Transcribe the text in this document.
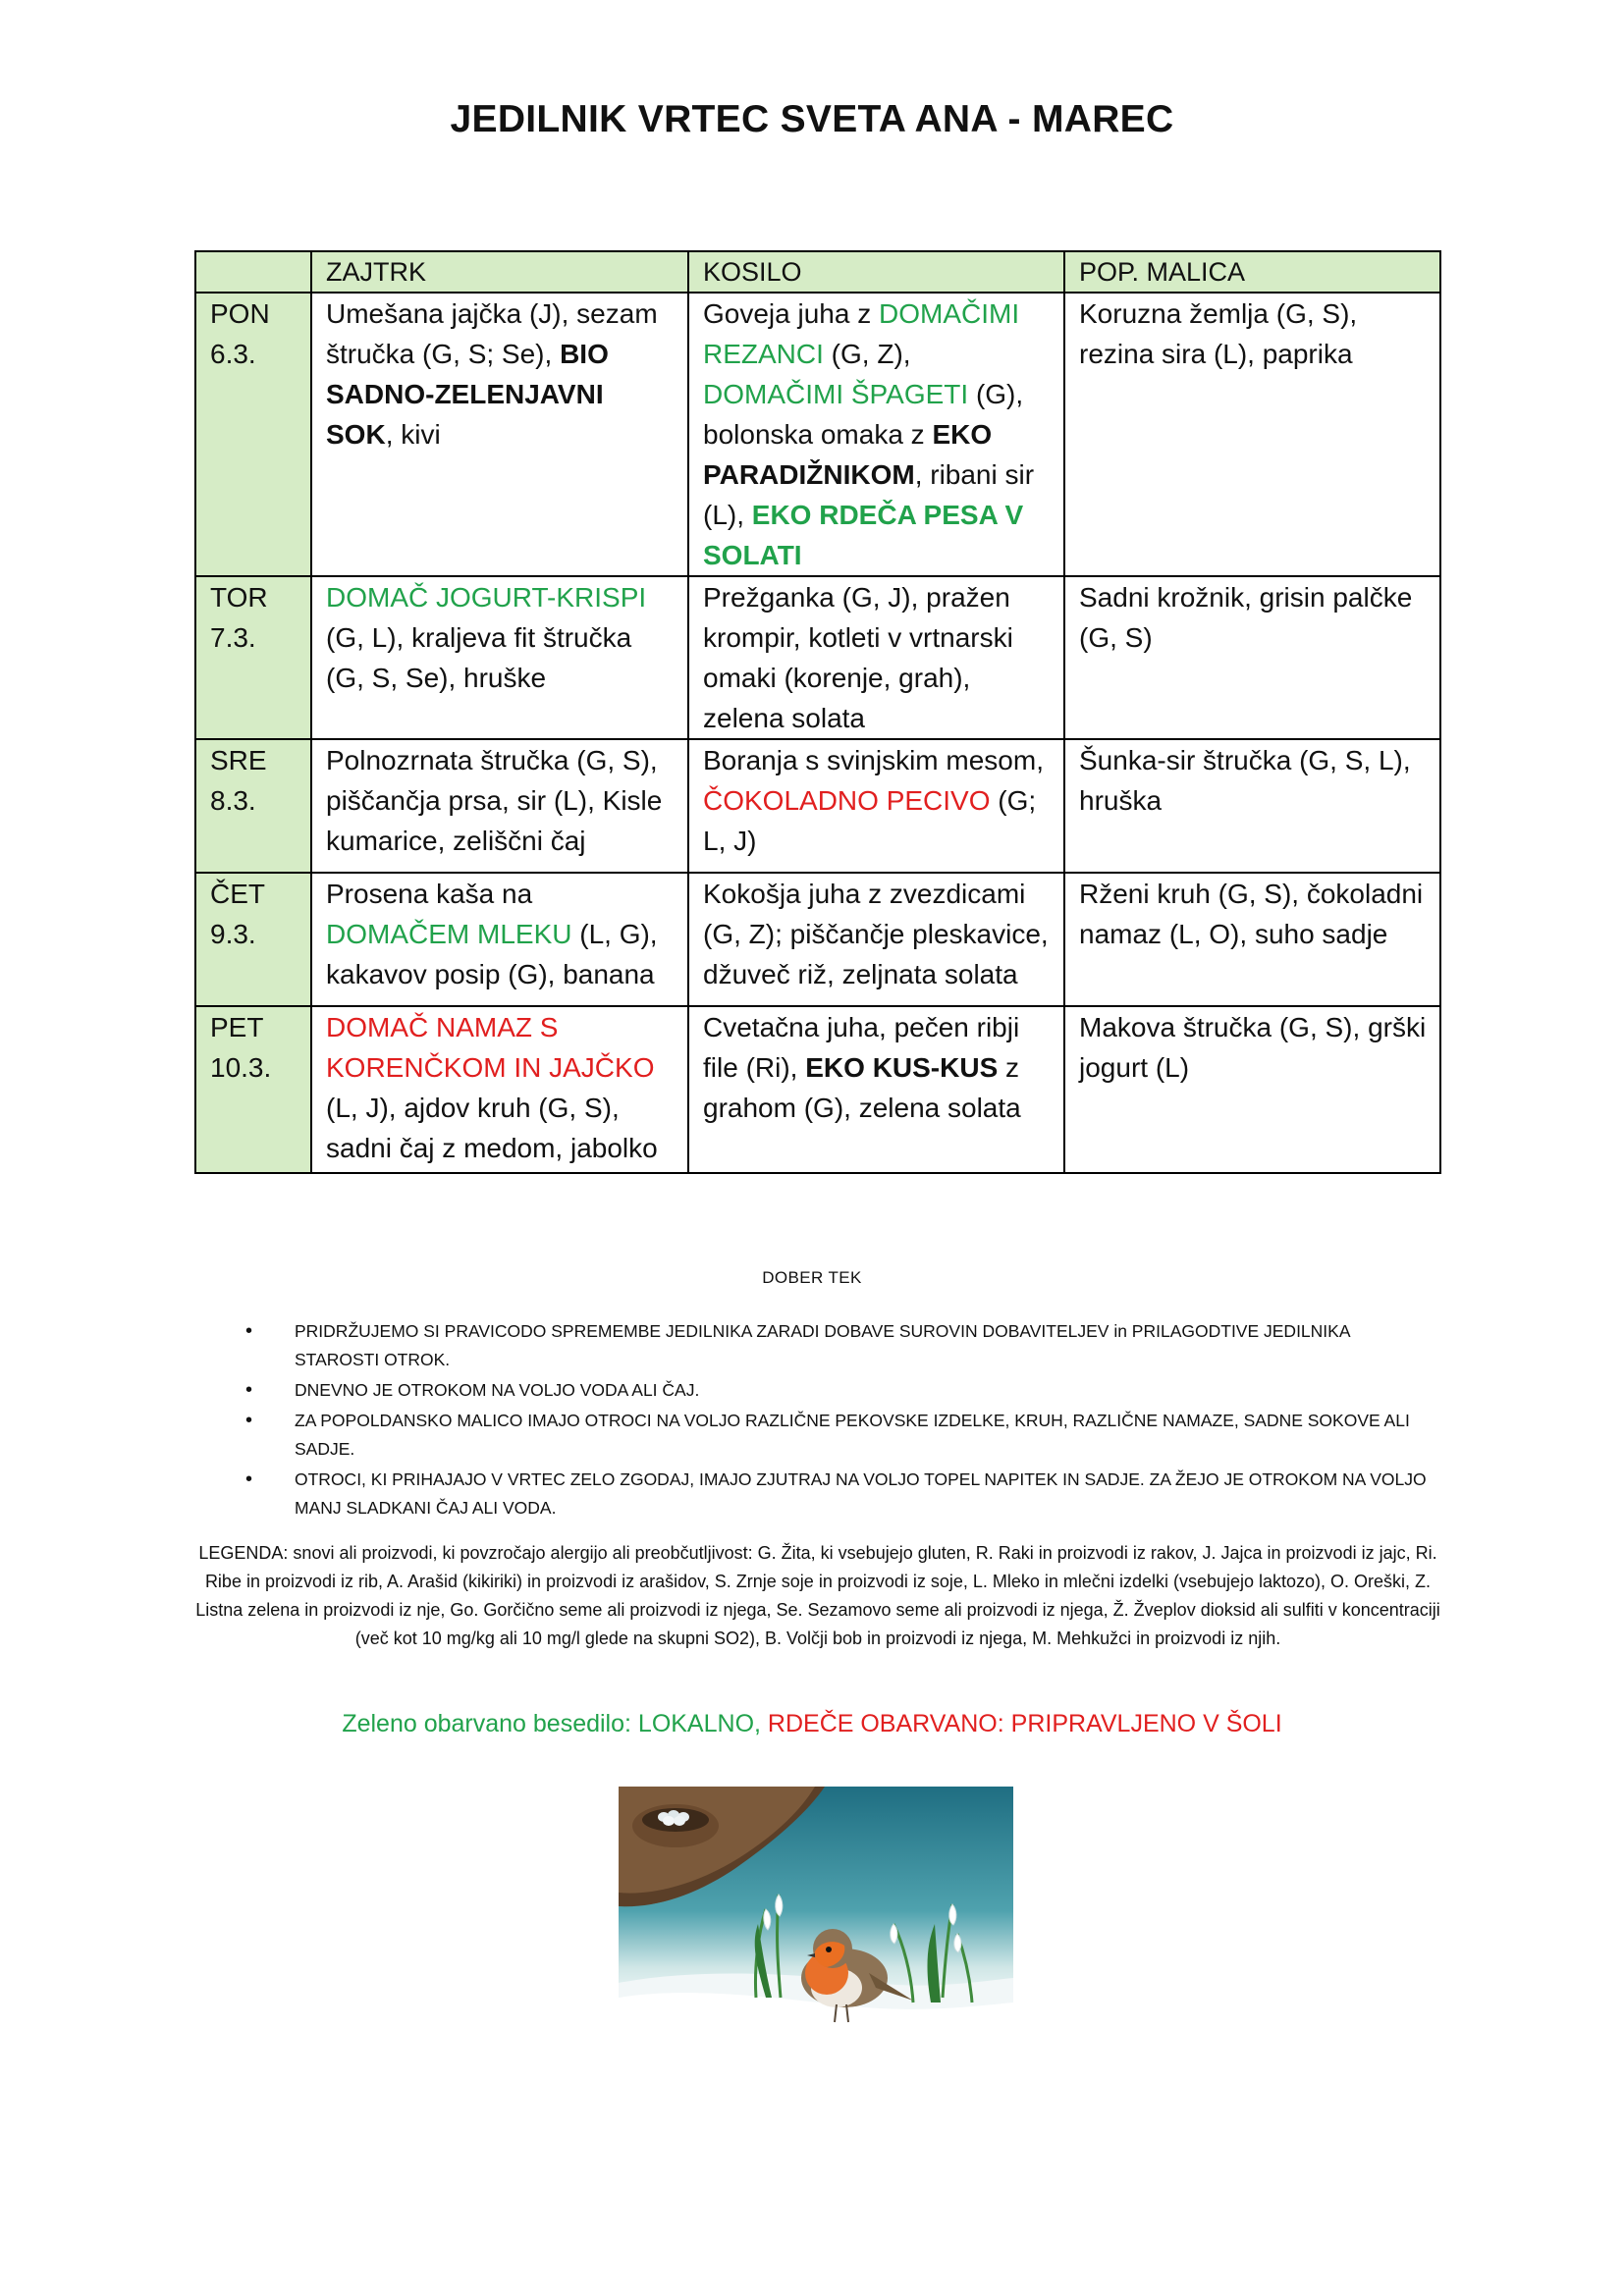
JEDILNIK VRTEC SVETA ANA - MAREC
	ZAJTRK	KOSILO	POP. MALICA

PON
6.3.	Umešana jajčka (J), sezam štručka (G, S; Se), BIO SADNO-ZELENJAVNI SOK, kivi	Goveja juha z DOMAČIMI REZANCI (G, Z), DOMAČIMI ŠPAGETI (G), bolonska omaka z EKO PARADIŽNIKOM, ribani sir (L), EKO RDEČA PESA V SOLATI	Koruzna žemlja (G, S), rezina sira (L), paprika

TOR
7.3.	DOMAČ JOGURT-KRISPI (G, L), kraljeva fit štručka (G, S, Se), hruške	Prežganka (G, J), pražen krompir, kotleti v vrtnarski omaki (korenje, grah), zelena solata	Sadni krožnik, grisin palčke (G, S)

SRE
8.3.	Polnozrnata štručka (G, S), piščančja prsa, sir (L), Kisle kumarice, zeliščni čaj	Boranja s svinjskim mesom, ČOKOLADNO PECIVO (G; L, J)	Šunka-sir štručka (G, S, L), hruška

ČET
9.3.	Prosena kaša na DOMAČEM MLEKU (L, G), kakavov posip (G), banana	Kokošja juha z zvezdicami (G, Z); piščančje pleskavice, džuveč riž, zeljnata solata	Rženi kruh (G, S), čokoladni namaz (L, O), suho sadje

PET
10.3.	DOMAČ NAMAZ S KORENČKOM IN JAJČKO (L, J), ajdov kruh (G, S), sadni čaj z medom, jabolko	Cvetačna juha, pečen ribji file (Ri), EKO KUS-KUS z grahom (G), zelena solata	Makova štručka (G, S), grški jogurt (L)
DOBER TEK
• PRIDRŽUJEMO SI PRAVICODO SPREMEMBE JEDILNIKA ZARADI DOBAVE SUROVIN DOBAVITELJEV in PRILAGODTIVE JEDILNIKA STAROSTI OTROK.
• DNEVNO JE OTROKOM NA VOLJO VODA ALI ČAJ.
• ZA POPOLDANSKO MALICO IMAJO OTROCI NA VOLJO RAZLIČNE PEKOVSKE IZDELKE, KRUH, RAZLIČNE NAMAZE, SADNE SOKOVE ALI SADJE.
• OTROCI, KI PRIHAJAJO V VRTEC ZELO ZGODAJ, IMAJO ZJUTRAJ NA VOLJO TOPEL NAPITEK IN SADJE. ZA ŽEJO JE OTROKOM NA VOLJO MANJ SLADKANI ČAJ ALI VODA.
LEGENDA: snovi ali proizvodi, ki povzročajo alergijo ali preobčutljivost: G. Žita, ki vsebujejo gluten, R. Raki in proizvodi iz rakov, J. Jajca in proizvodi iz jajc, Ri. Ribe in proizvodi iz rib, A. Arašid (kikiriki) in proizvodi iz arašidov, S. Zrnje soje in proizvodi iz soje, L. Mleko in mlečni izdelki (vsebujejo laktozo), O. Oreški, Z. Listna zelena in proizvodi iz nje, Go. Gorčično seme ali proizvodi iz njega, Se. Sezamovo seme ali proizvodi iz njega, Ž. Žveplov dioksid ali sulfiti v koncentraciji (več kot 10 mg/kg ali 10 mg/l glede na skupni SO2), B. Volčji bob in proizvodi iz njega, M. Mehkužci in proizvodi iz njih.
Zeleno obarvano besedilo: LOKALNO, RDEČE OBARVANO: PRIPRAVLJENO V ŠOLI
